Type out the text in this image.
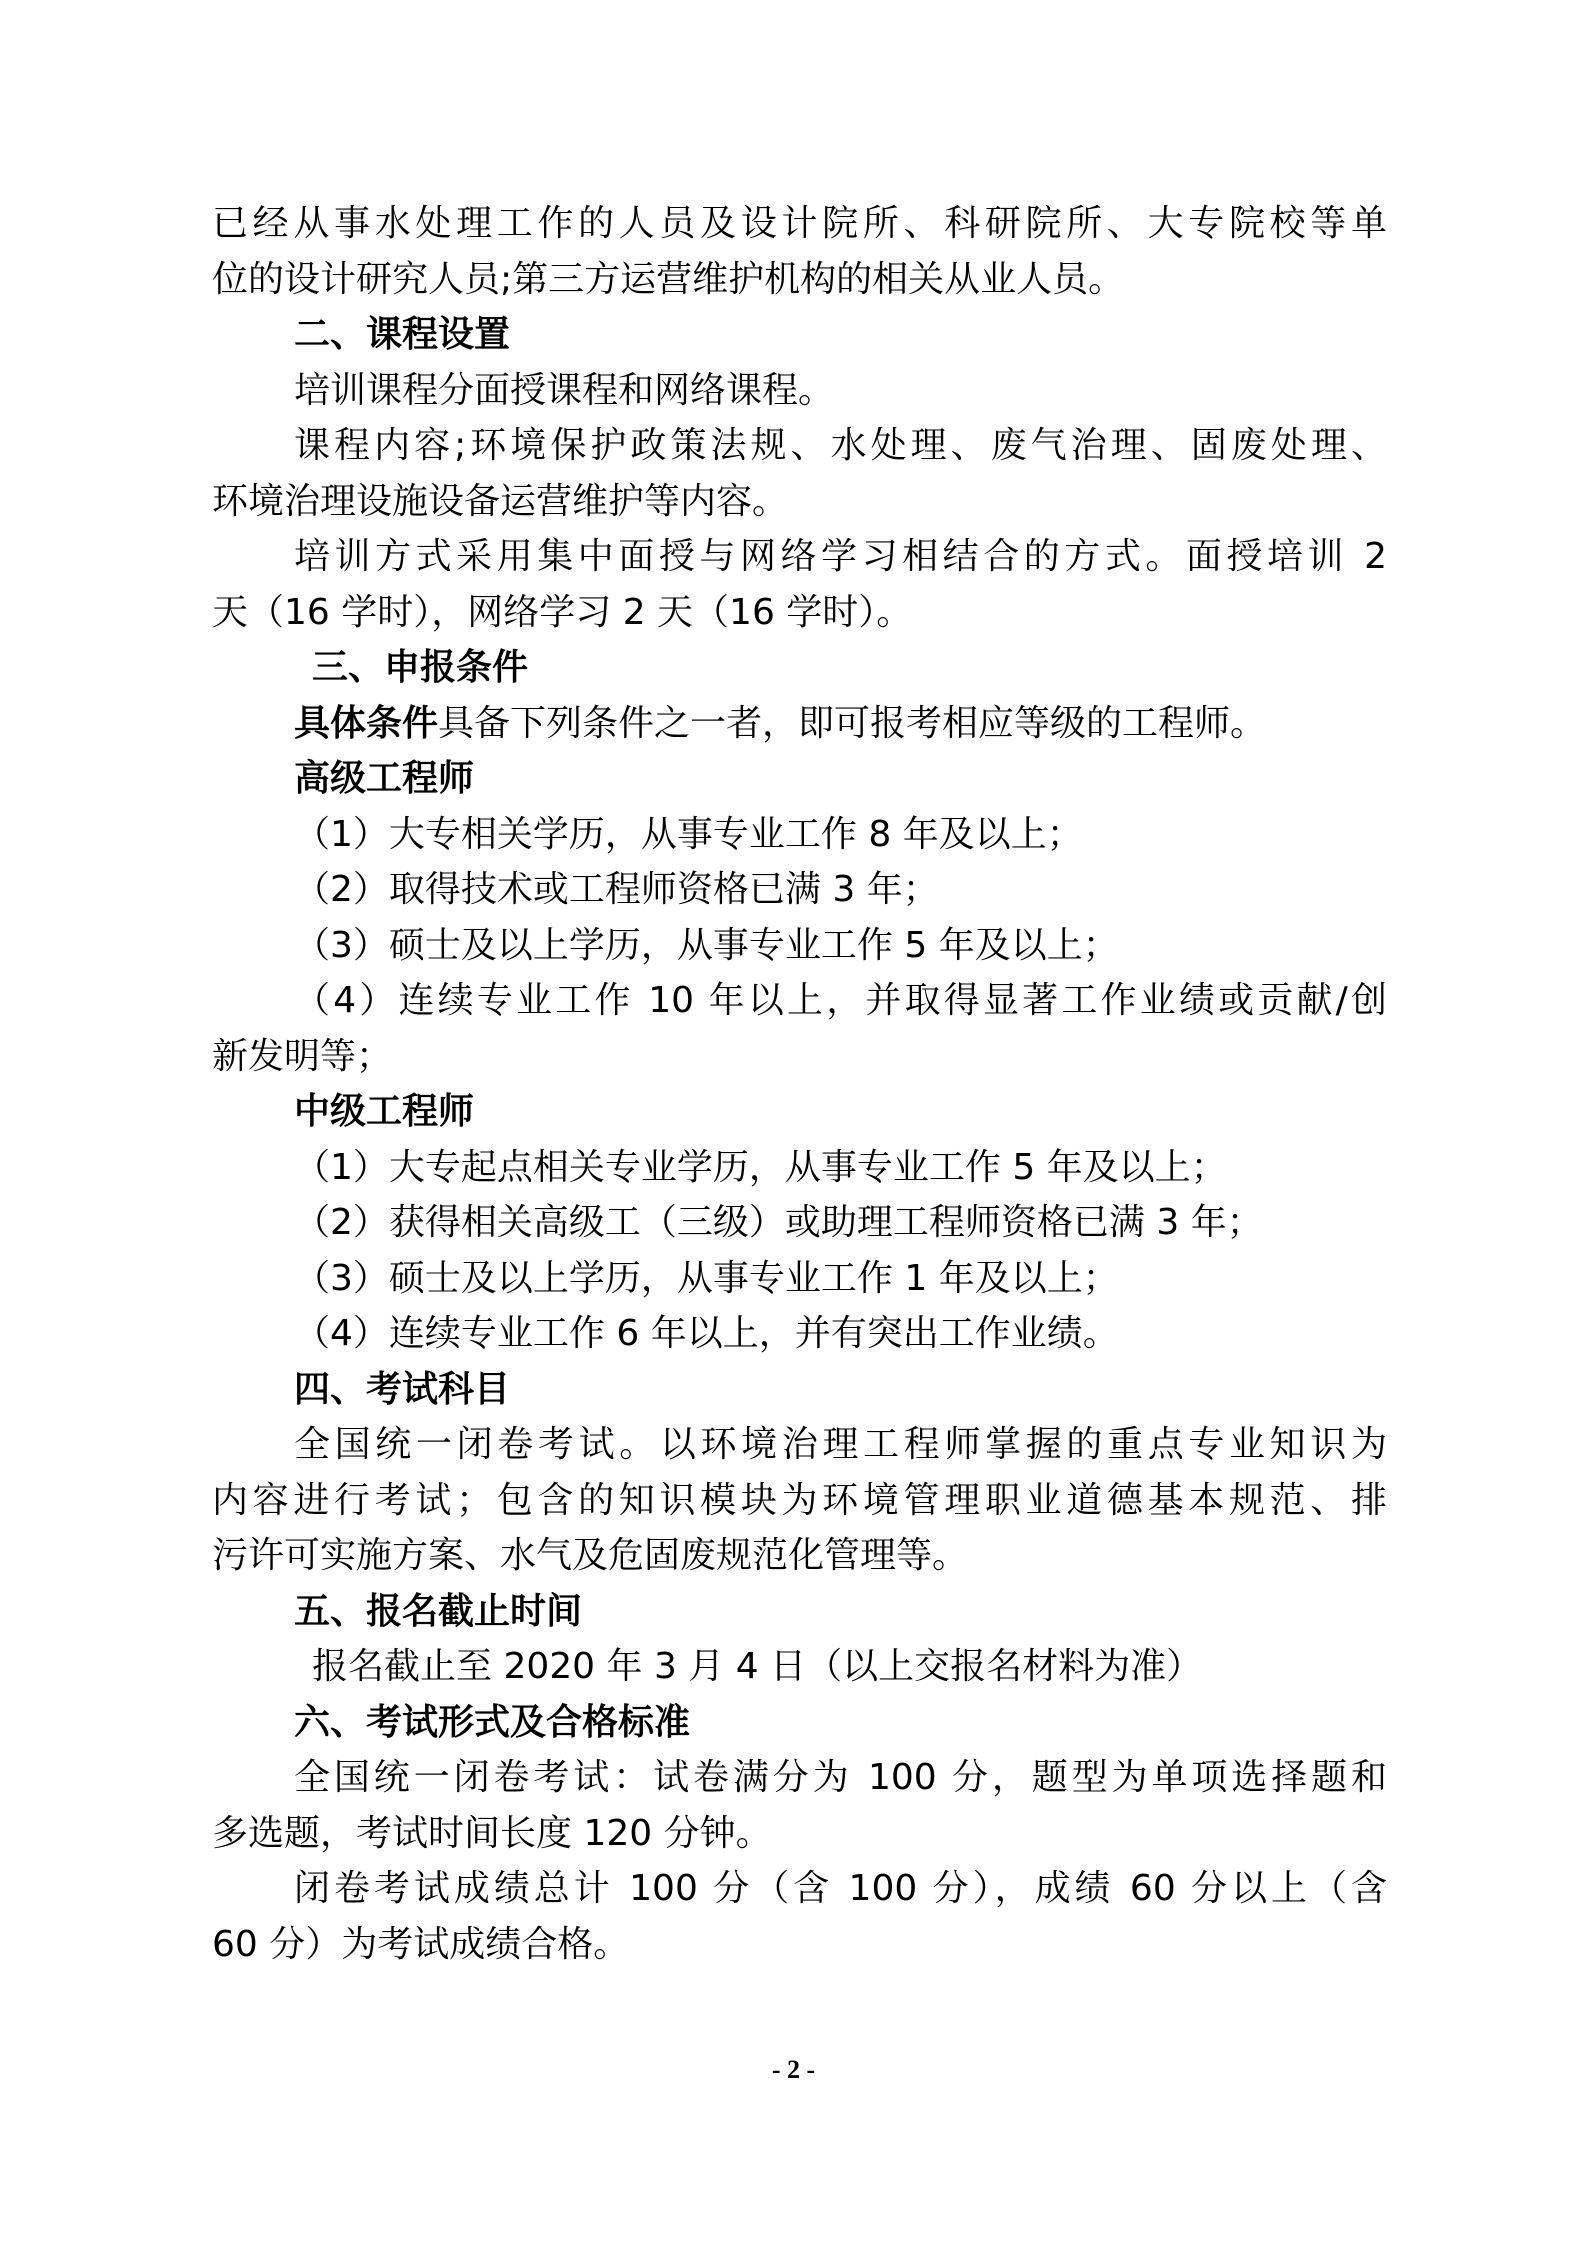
已经从事水处理工作的人员及设计院所、科研院所、大专院校等单
位的设计研究人员;第三方运营维护机构的相关从业人员。
二、课程设置
培训课程分面授课程和网络课程。
课程内容;环境保护政策法规、水处理、废气治理、固废处理、
环境治理设施设备运营维护等内容。
培训方式采用集中面授与网络学习相结合的方式。面授培训 2
天（16 学时），网络学习 2 天（16 学时）。
三、申报条件
具体条件具备下列条件之一者，即可报考相应等级的工程师。
高级工程师
（1）大专相关学历，从事专业工作 8 年及以上；
（2）取得技术或工程师资格已满 3 年；
（3）硕士及以上学历，从事专业工作 5 年及以上；
（4）连续专业工作 10 年以上，并取得显著工作业绩或贡献/创
新发明等；
中级工程师
（1）大专起点相关专业学历，从事专业工作 5 年及以上；
（2）获得相关高级工（三级）或助理工程师资格已满 3 年；
（3）硕士及以上学历，从事专业工作 1 年及以上；
（4）连续专业工作 6 年以上，并有突出工作业绩。
四、考试科目
全国统一闭卷考试。以环境治理工程师掌握的重点专业知识为
内容进行考试；包含的知识模块为环境管理职业道德基本规范、排
污许可实施方案、水气及危固废规范化管理等。
五、报名截止时间
报名截止至 2020 年 3 月 4 日（以上交报名材料为准）
六、考试形式及合格标准
全国统一闭卷考试：试卷满分为 100 分，题型为单项选择题和
多选题，考试时间长度 120 分钟。
闭卷考试成绩总计 100 分（含 100 分），成绩 60 分以上（含
60 分）为考试成绩合格。
- 2 -
